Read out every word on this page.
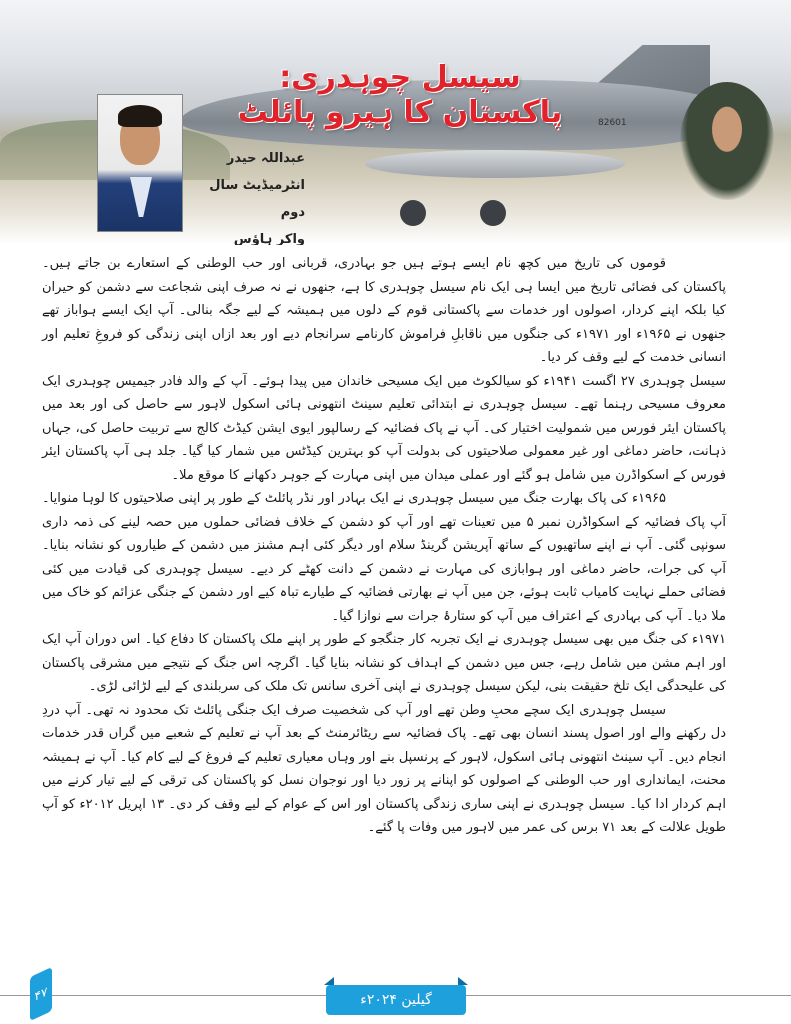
82601
سیسل چوہدری: پاکستان کا ہیرو پائلٹ
عبداللہ حیدر
انٹرمیڈیٹ سال دوم
واکر ہاؤس

قوموں کی تاریخ میں کچھ نام ایسے ہوتے ہیں جو بہادری، قربانی اور حب الوطنی کے استعارے بن جاتے ہیں۔ پاکستان کی فضائی تاریخ میں ایسا ہی ایک نام سیسل چوہدری کا ہے، جنھوں نے نہ صرف اپنی شجاعت سے دشمن کو حیران کیا بلکہ اپنے کردار، اصولوں اور خدمات سے پاکستانی قوم کے دلوں میں ہمیشہ کے لیے جگہ بنالی۔ آپ ایک ایسے ہواباز تھے جنھوں نے ۱۹۶۵ء اور ۱۹۷۱ء کی جنگوں میں ناقابلِ فراموش کارنامے سرانجام دیے اور بعد ازاں اپنی زندگی کو فروغِ تعلیم اور انسانی خدمت کے لیے وقف کر دیا۔

سیسل چوہدری ۲۷ اگست ۱۹۴۱ء کو سیالکوٹ میں ایک مسیحی خاندان میں پیدا ہوئے۔ آپ کے والد فادر جیمیس چوہدری ایک معروف مسیحی رہنما تھے۔ سیسل چوہدری نے ابتدائی تعلیم سینٹ انتھونی ہائی اسکول لاہور سے حاصل کی اور بعد میں پاکستان ایئر فورس میں شمولیت اختیار کی۔ آپ نے پاک فضائیہ کے رسالپور ایوی ایشن کیڈٹ کالج سے تربیت حاصل کی، جہاں ذہانت، حاضر دماغی اور غیر معمولی صلاحیتوں کی بدولت آپ کو بہترین کیڈٹس میں شمار کیا گیا۔ جلد ہی آپ پاکستان ایئر فورس کے اسکواڈرن میں شامل ہو گئے اور عملی میدان میں اپنی مہارت کے جوہر دکھانے کا موقع ملا۔

۱۹۶۵ء کی پاک بھارت جنگ میں سیسل چوہدری نے ایک بہادر اور نڈر پائلٹ کے طور پر اپنی صلاحیتوں کا لوہا منوایا۔ آپ پاک فضائیہ کے اسکواڈرن نمبر ۵ میں تعینات تھے اور آپ کو دشمن کے خلاف فضائی حملوں میں حصہ لینے کی ذمہ داری سونپی گئی۔ آپ نے اپنے ساتھیوں کے ساتھ آپریشن گرینڈ سلام اور دیگر کئی اہم مشنز میں دشمن کے طیاروں کو نشانہ بنایا۔ آپ کی جرات، حاضر دماغی اور ہوابازی کی مہارت نے دشمن کے دانت کھٹے کر دیے۔ سیسل چوہدری کی قیادت میں کئی فضائی حملے نہایت کامیاب ثابت ہوئے، جن میں آپ نے بھارتی فضائیہ کے طیارے تباہ کیے اور دشمن کے جنگی عزائم کو خاک میں ملا دیا۔ آپ کی بہادری کے اعتراف میں آپ کو ستارۂ جرات سے نوازا گیا۔

۱۹۷۱ء کی جنگ میں بھی سیسل چوہدری نے ایک تجربہ کار جنگجو کے طور پر اپنے ملک پاکستان کا دفاع کیا۔ اس دوران آپ ایک اور اہم مشن میں شامل رہے، جس میں دشمن کے اہداف کو نشانہ بنایا گیا۔ اگرچہ اس جنگ کے نتیجے میں مشرقی پاکستان کی علیحدگی ایک تلخ حقیقت بنی، لیکن سیسل چوہدری نے اپنی آخری سانس تک ملک کی سربلندی کے لیے لڑائی لڑی۔

سیسل چوہدری ایک سچے محبِ وطن تھے اور آپ کی شخصیت صرف ایک جنگی پائلٹ تک محدود نہ تھی۔ آپ دردِ دل رکھنے والے اور اصول پسند انسان بھی تھے۔ پاک فضائیہ سے ریٹائرمنٹ کے بعد آپ نے تعلیم کے شعبے میں گراں قدر خدمات انجام دیں۔ آپ سینٹ انتھونی ہائی اسکول، لاہور کے پرنسپل بنے اور وہاں معیاری تعلیم کے فروغ کے لیے کام کیا۔ آپ نے ہمیشہ محنت، ایمانداری اور حب الوطنی کے اصولوں کو اپنانے پر زور دیا اور نوجوان نسل کو پاکستان کی ترقی کے لیے تیار کرنے میں اہم کردار ادا کیا۔ سیسل چوہدری نے اپنی ساری زندگی پاکستان اور اس کے عوام کے لیے وقف کر دی۔ ۱۳ اپریل ۲۰۱۲ء کو آپ طویل علالت کے بعد ۷۱ برس کی عمر میں لاہور میں وفات پا گئے۔

۴۷	گیلین ۲۰۲۴ء
